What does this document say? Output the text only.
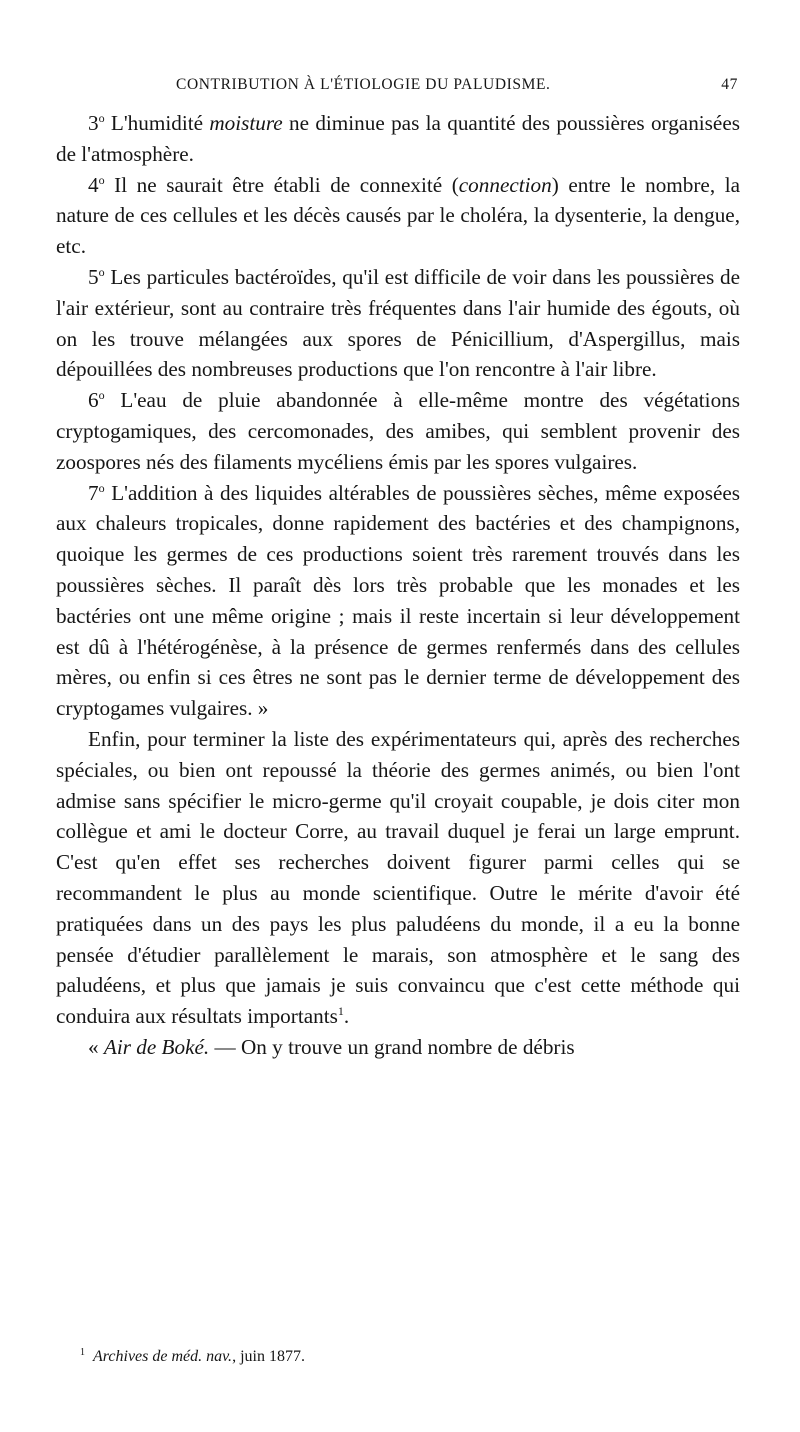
CONTRIBUTION À L'ÉTIOLOGIE DU PALUDISME.	47

3$^o$ L'humidité moisture ne diminue pas la quantité des poussières organisées de l'atmosphère.

4$^o$ Il ne saurait être établi de connexité (connection) entre le nombre, la nature de ces cellules et les décès causés par le choléra, la dysenterie, la dengue, etc.

5$^o$ Les particules bactéroïdes, qu'il est difficile de voir dans les poussières de l'air extérieur, sont au contraire très fréquentes dans l'air humide des égouts, où on les trouve mélangées aux spores de Pénicillium, d'Aspergillus, mais dépouillées des nombreuses productions que l'on rencontre à l'air libre.

6$^o$ L'eau de pluie abandonnée à elle-même montre des végétations cryptogamiques, des cercomonades, des amibes, qui semblent provenir des zoospores nés des filaments mycéliens émis par les spores vulgaires.

7$^o$ L'addition à des liquides altérables de poussières sèches, même exposées aux chaleurs tropicales, donne rapidement des bactéries et des champignons, quoique les germes de ces productions soient très rarement trouvés dans les poussières sèches. Il paraît dès lors très probable que les monades et les bactéries ont une même origine ; mais il reste incertain si leur développement est dû à l'hétérogénèse, à la présence de germes renfermés dans des cellules mères, ou enfin si ces êtres ne sont pas le dernier terme de développement des cryptogames vulgaires. »

Enfin, pour terminer la liste des expérimentateurs qui, après des recherches spéciales, ou bien ont repoussé la théorie des germes animés, ou bien l'ont admise sans spécifier le micro-germe qu'il croyait coupable, je dois citer mon collègue et ami le docteur Corre, au travail duquel je ferai un large emprunt. C'est qu'en effet ses recherches doivent figurer parmi celles qui se recommandent le plus au monde scientifique. Outre le mérite d'avoir été pratiquées dans un des pays les plus paludéens du monde, il a eu la bonne pensée d'étudier parallèlement le marais, son atmosphère et le sang des paludéens, et plus que jamais je suis convaincu que c'est cette méthode qui conduira aux résultats importants$^1$.

« Air de Boké. — On y trouve un grand nombre de débris

$^1$ Archives de méd. nav., juin 1877.
